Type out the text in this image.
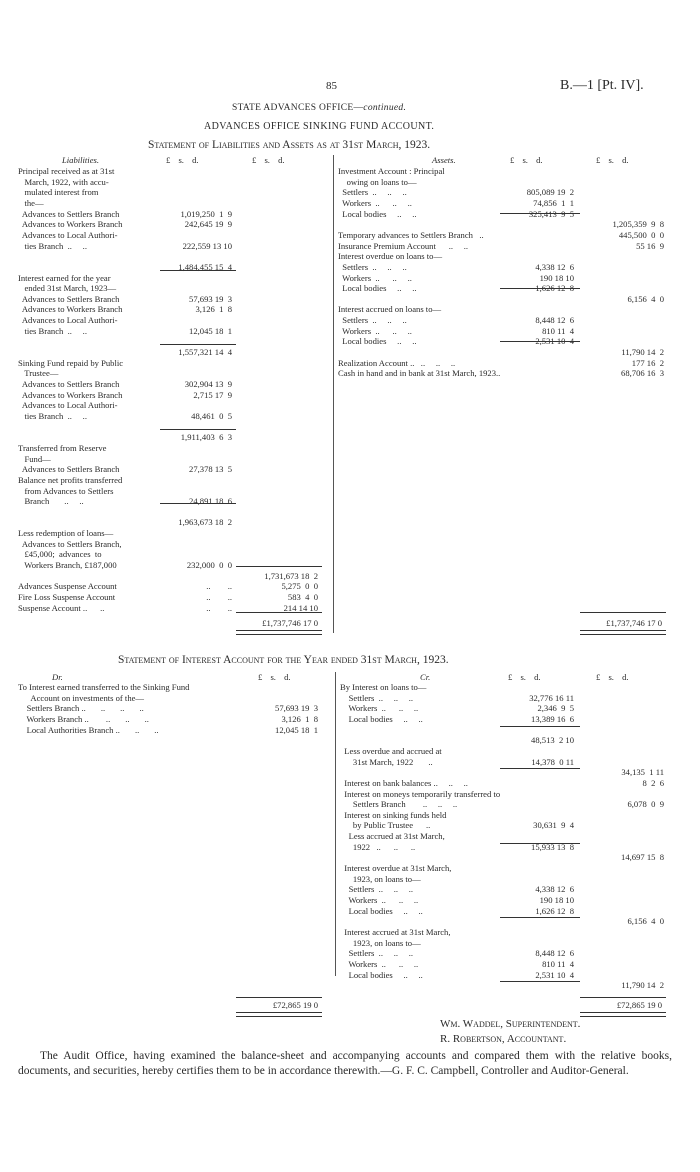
85	B.—1 [Pt. IV].
STATE ADVANCES OFFICE—continued.
ADVANCES OFFICE SINKING FUND ACCOUNT.
Statement of Liabilities and Assets as at 31st March, 1923.
Liabilities.	£ s. d.	£ s. d.	Assets.	£ s. d.	£ s. d.
Principal received as at 31st
March, 1922, with accu-
mulated interest from
the—
Advances to Settlers Branch	1,019,250  1  9
Advances to Workers Branch	242,645 19  9
Advances to Local Authori-
ties Branch  ..     ..	222,559 13 10
1,484,455 15  4
Interest earned for the year
ended 31st March, 1923—
Advances to Settlers Branch	57,693 19  3
Advances to Workers Branch	3,126  1  8
Advances to Local Authori-
ties Branch  ..     ..	12,045 18  1
1,557,321 14  4
Sinking Fund repaid by Public
Trustee—
Advances to Settlers Branch	302,904 13  9
Advances to Workers Branch	2,715 17  9
Advances to Local Authori-
ties Branch  ..     ..	48,461  0  5
1,911,403  6  3
Transferred from Reserve
Fund—
Advances to Settlers Branch	27,378 13  5
Balance net profits transferred
from Advances to Settlers
Branch       ..     ..	24,891 18  6
1,963,673 18  2
Less redemption of loans—
Advances to Settlers Branch,
£45,000;  advances  to
Workers Branch, £187,000	232,000  0  0
1,731,673 18  2
Advances Suspense Account	..        ..	5,275  0  0
Fire Loss Suspense Account	..        ..	583  4  0
Suspense Account ..      ..	..        ..	214 14 10
Investment Account : Principal
owing on loans to—
Settlers  ..     ..     ..	805,089 19  2
Workers  ..      ..     ..	74,856  1  1
Local bodies     ..     ..	325,413  9  5
1,205,359  9  8
Temporary advances to Settlers Branch   ..	445,500  0  0
Insurance Premium Account      ..     ..	55 16  9
Interest overdue on loans to—
Settlers  ..     ..     ..	4,338 12  6
Workers  ..      ..     ..	190 18 10
Local bodies     ..     ..	1,626 12  8
6,156  4  0
Interest accrued on loans to—
Settlers  ..     ..     ..	8,448 12  6
Workers  ..      ..     ..	810 11  4
Local bodies     ..     ..	2,531 10  4
11,790 14  2
Realization Account ..   ..     ..     ..	177 16  2
Cash in hand and in bank at 31st March, 1923..	68,706 16  3
£1,737,746 17 0	£1,737,746 17 0
Statement of Interest Account for the Year ended 31st March, 1923.
Dr.	£ s. d.	Cr.	£ s. d.	£ s. d.
To Interest earned transferred to the Sinking Fund
Account on investments of the—
Settlers Branch ..       ..       ..       ..	57,693 19  3
Workers Branch ..        ..       ..       ..	3,126  1  8
Local Authorities Branch ..       ..       ..	12,045 18  1
By Interest on loans to—
Settlers  ..     ..     ..	32,776 16 11
Workers  ..      ..     ..	2,346  9  5
Local bodies     ..     ..	13,389 16  6
48,513  2 10
Less overdue and accrued at
31st March, 1922       ..	14,378  0 11
34,135  1 11
Interest on bank balances ..     ..     ..	8  2  6
Interest on moneys temporarily transferred to
Settlers Branch        ..     ..     ..	6,078  0  9
Interest on sinking funds held
by Public Trustee      ..	30,631  9  4
Less accrued at 31st March,
1922   ..      ..      ..	15,933 13  8
14,697 15  8
Interest overdue at 31st March,
1923, on loans to—
Settlers  ..     ..     ..	4,338 12  6
Workers  ..      ..     ..	190 18 10
Local bodies     ..     ..	1,626 12  8
6,156  4  0
Interest accrued at 31st March,
1923, on loans to—
Settlers  ..     ..     ..	8,448 12  6
Workers  ..      ..     ..	810 11  4
Local bodies     ..     ..	2,531 10  4
11,790 14  2
£72,865 19 0	£72,865 19 0
Wm. Waddel, Superintendent.
R. Robertson, Accountant.
The Audit Office, having examined the balance-sheet and accompanying accounts and compared them with the relative books, documents, and securities, hereby certifies them to be in accordance therewith.—G. F. C. Campbell, Controller and Auditor-General.
